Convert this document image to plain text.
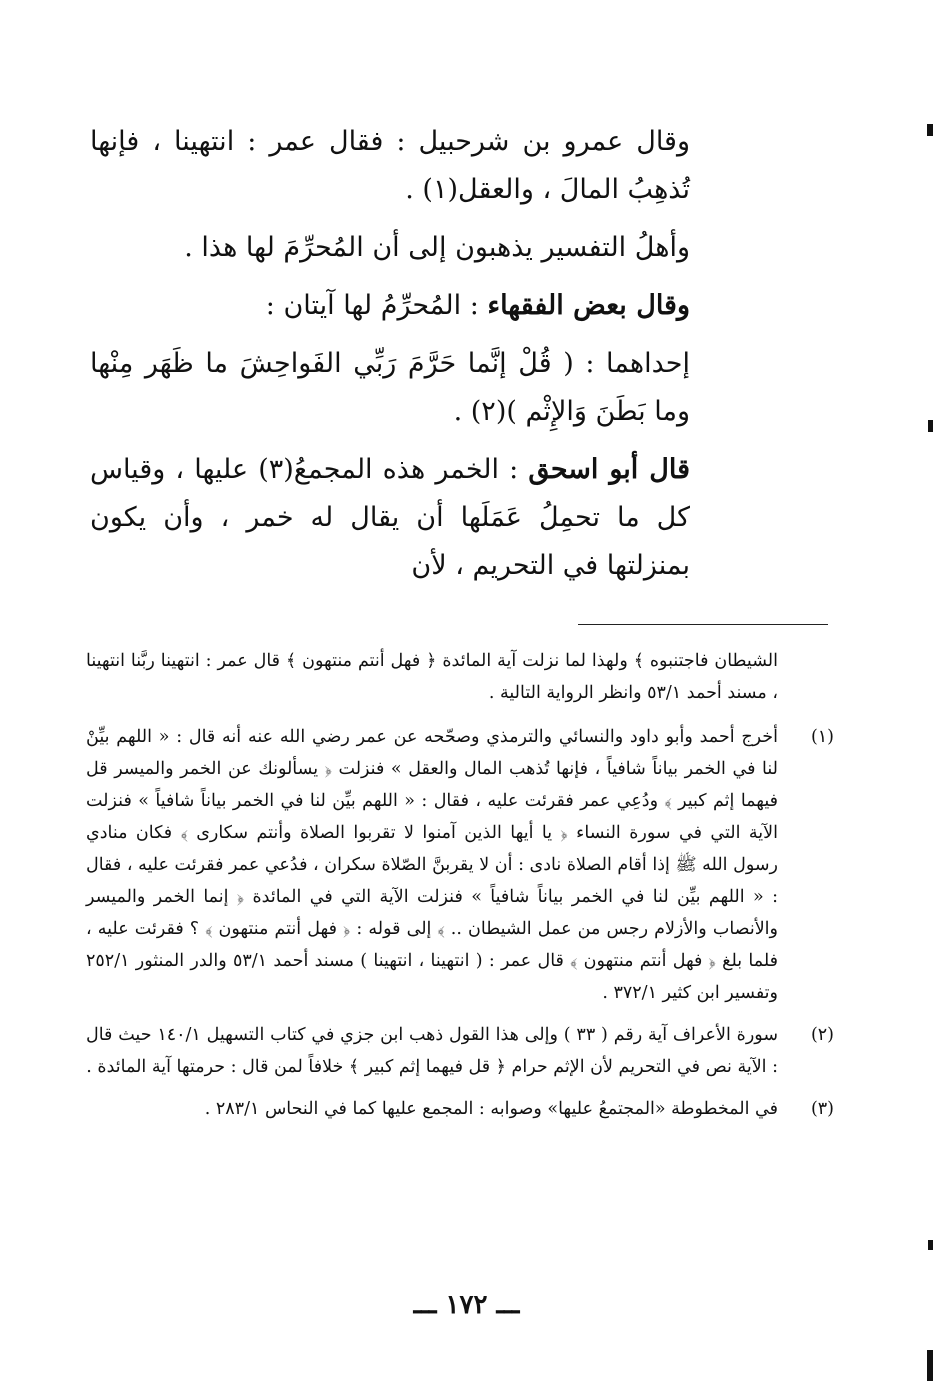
وقال عمرو بن شرحبيل : فقال عمر : انتهينا ، فإنها تُذهِبُ المالَ ، والعقل(١) .

وأهلُ التفسير يذهبون إلى أن المُحرِّمَ لها هذا .

وقال بعض الفقهاء : المُحرِّمُ لها آيتان :

إحداهما : ( قُلْ إنَّما حَرَّمَ رَبِّي الفَواحِشَ ما ظَهَر مِنْها وما بَطَنَ وَالإِثْم )(٢) .

قال أبو اسحق : الخمر هذه المجمعُ(٣) عليها ، وقياس كل ما تحمِلُ عَمَلَها أن يقال له خمر ، وأن يكون بمنزلتها في التحريم ، لأن

الشيطان فاجتنبوه ﴾ ولهذا لما نزلت آية المائدة ﴿ فهل أنتم منتهون ﴾ قال عمر : انتهينا ربَّنا انتهينا ، مسند أحمد ٥٣/١ وانظر الرواية التالية .

(١)
أخرج أحمد وأبو داود والنسائي والترمذي وصحّحه عن عمر رضي الله عنه أنه قال : « اللهم بيِّنْ لنا في الخمر بياناً شافياً ، فإنها تُذهب المال والعقل » فنزلت ﴿ يسألونك عن الخمر والميسر قل فيهما إثم كبير ﴾ ودُعِي عمر فقرئت عليه ، فقال : « اللهم بيِّن لنا في الخمر بياناً شافياً » فنزلت الآية التي في سورة النساء ﴿ يا أيها الذين آمنوا لا تقربوا الصلاة وأنتم سكارى ﴾ فكان منادي رسول الله ﷺ إذا أقام الصلاة نادى : أن لا يقربنَّ الصّلاة سكران ، فدُعي عمر فقرئت عليه ، فقال : « اللهم بيِّن لنا في الخمر بياناً شافياً » فنزلت الآية التي في المائدة ﴿ إنما الخمر والميسر والأنصاب والأزلام رجس من عمل الشيطان .. ﴾ إلى قوله : ﴿ فهل أنتم منتهون ﴾ ؟ فقرئت عليه ، فلما بلغ ﴿ فهل أنتم منتهون ﴾ قال عمر : ( انتهينا ، انتهينا ) مسند أحمد ٥٣/١ والدر المنثور ٢٥٢/١ وتفسير ابن كثير ٣٧٢/١ .
(٢)
سورة الأعراف آية رقم ( ٣٣ ) وإلى هذا القول ذهب ابن جزي في كتاب التسهيل ١٤٠/١ حيث قال : الآية نص في التحريم لأن الإثم حرام ﴿ قل فيهما إثم كبير ﴾ خلافاً لمن قال : حرمتها آية المائدة .
(٣)
في المخطوطة «المجتمعُ عليها» وصوابه : المجمع عليها كما في النحاس ٢٨٣/١ .
ـــ ١٧٢ ـــ
